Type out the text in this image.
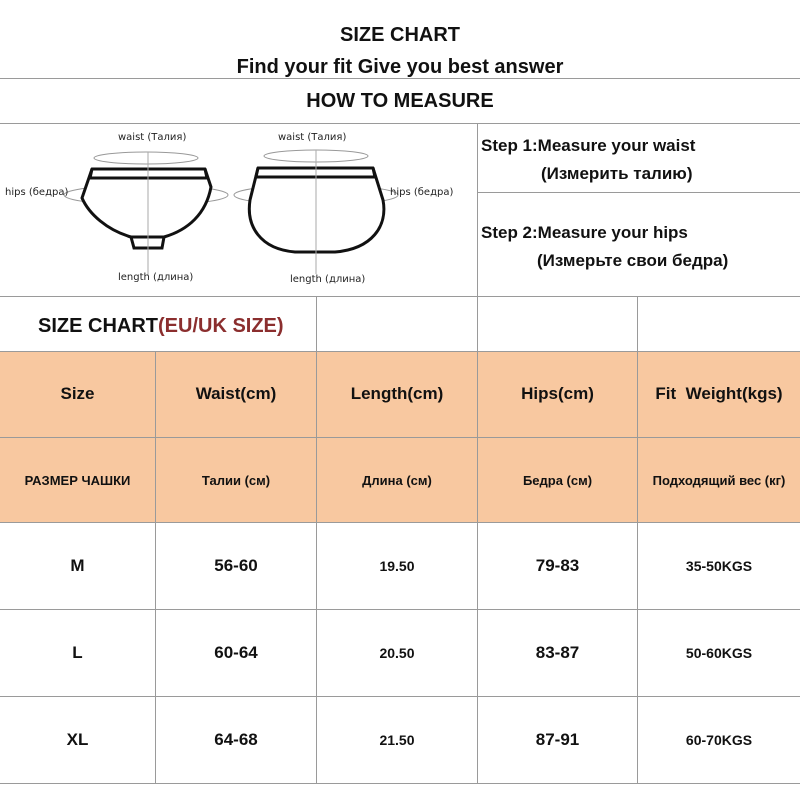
SIZE CHART
Find your fit Give you best answer
HOW TO MEASURE
waist (Талия)
hips (бедра)
length (длина)
waist (Талия)
hips (бедра)
length (длина)
Step 1:Measure your waist
(Измерить талию)
Step 2:Measure your hips
(Измерьте свои бедра)
SIZE CHART(EU/UK SIZE)
Size	Waist(cm)	Length(cm)	Hips(cm)	Fit  Weight(kgs)
РАЗМЕР ЧАШКИ	Талии (см)	Длина (см)	Бедра (см)	Подходящий вес (кг)
M	56-60	19.50	79-83	35-50KGS
L	60-64	20.50	83-87	50-60KGS
XL	64-68	21.50	87-91	60-70KGS
